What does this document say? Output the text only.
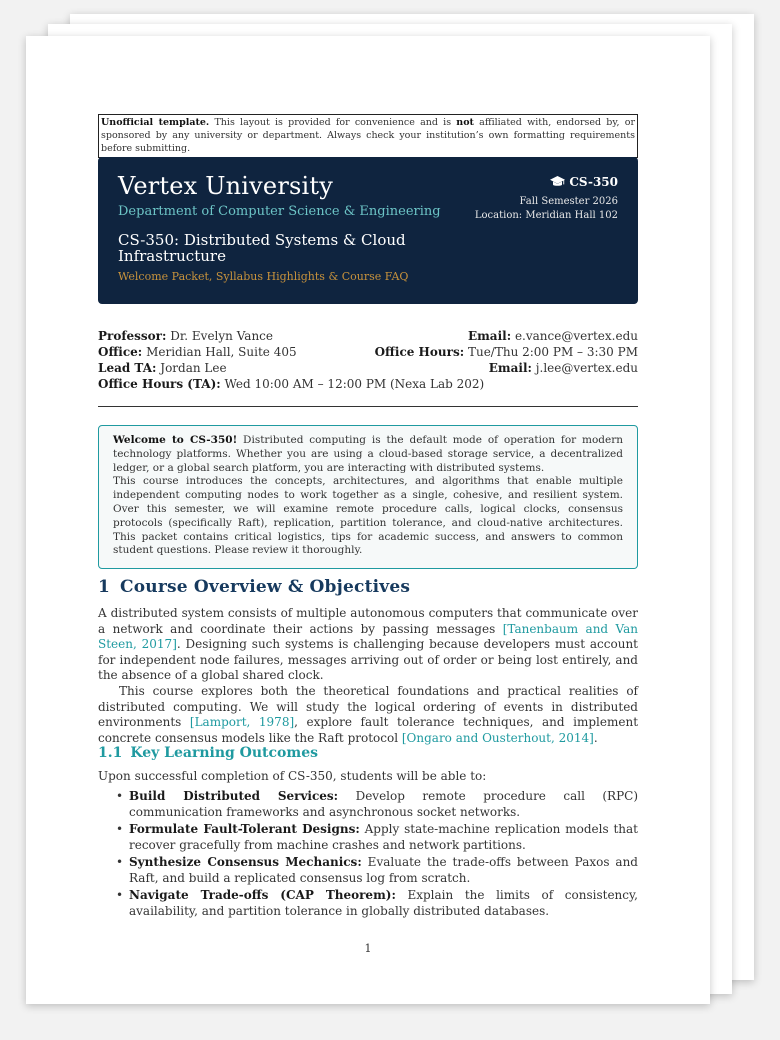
Unofficial template. This layout is provided for convenience and is not affiliated with, endorsed by, or sponsored by any university or department. Always check your institution’s own formatting requirements before submitting.
Vertex University
Department of Computer Science & Engineering
CS-350: Distributed Systems & Cloud Infrastructure
Welcome Packet, Syllabus Highlights & Course FAQ
CS-350
Fall Semester 2026
Location: Meridian Hall 102
Professor: Dr. Evelyn Vance	Email: e.vance@vertex.edu
Office: Meridian Hall, Suite 405	Office Hours: Tue/Thu 2:00 PM – 3:30 PM
Lead TA: Jordan Lee	Email: j.lee@vertex.edu
Office Hours (TA): Wed 10:00 AM – 12:00 PM (Nexa Lab 202)

Welcome to CS-350! Distributed computing is the default mode of operation for modern technology platforms. Whether you are using a cloud-based storage service, a decentralized ledger, or a global search platform, you are interacting with distributed systems.

This course introduces the concepts, architectures, and algorithms that enable multiple independent computing nodes to work together as a single, cohesive, and resilient system. Over this semester, we will examine remote procedure calls, logical clocks, consensus protocols (specifically Raft), replication, partition tolerance, and cloud-native architectures. This packet contains critical logistics, tips for academic success, and answers to common student questions. Please review it thoroughly.

1 Course Overview & Objectives

A distributed system consists of multiple autonomous computers that communicate over a network and coordinate their actions by passing messages [Tanenbaum and Van Steen, 2017]. Designing such systems is challenging because developers must account for independent node failures, messages arriving out of order or being lost entirely, and the absence of a global shared clock.

This course explores both the theoretical foundations and practical realities of distributed computing. We will study the logical ordering of events in distributed environments [Lamport, 1978], explore fault tolerance techniques, and implement concrete consensus models like the Raft protocol [Ongaro and Ousterhout, 2014].

1.1 Key Learning Outcomes
Upon successful completion of CS-350, students will be able to:
• Build Distributed Services: Develop remote procedure call (RPC) communication frameworks and asynchronous socket networks.
• Formulate Fault-Tolerant Designs: Apply state-machine replication models that recover gracefully from machine crashes and network partitions.
• Synthesize Consensus Mechanics: Evaluate the trade-offs between Paxos and Raft, and build a replicated consensus log from scratch.
• Navigate Trade-offs (CAP Theorem): Explain the limits of consistency, availability, and partition tolerance in globally distributed databases.
1
